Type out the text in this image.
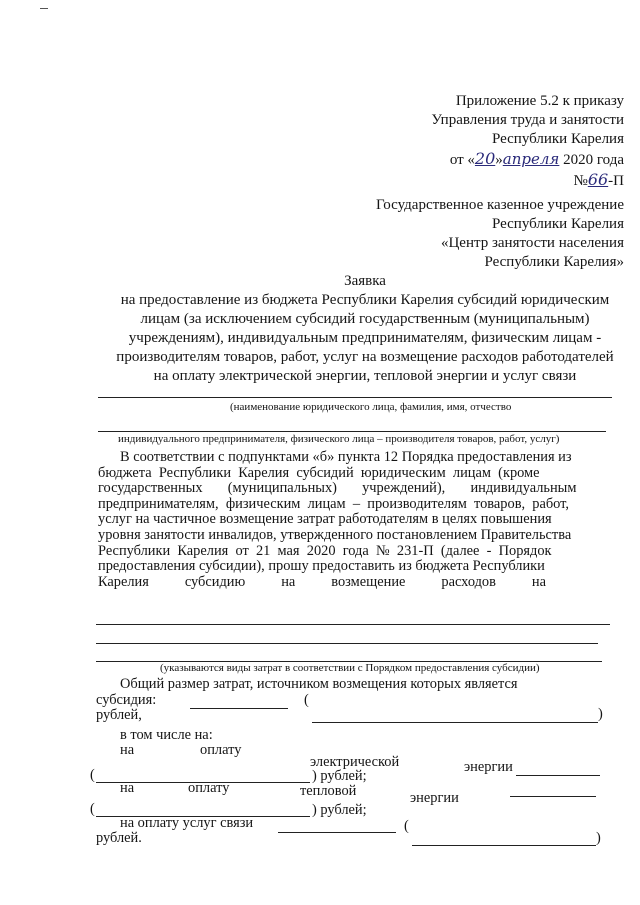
Приложение 5.2 к приказу
Управления труда и занятости
Республики Карелия
от «20»апреля 2020 года
№66-П
Государственное казенное учреждение
Республики Карелия
«Центр занятости населения
Республики Карелия»
Заявка
на предоставление из бюджета Республики Карелия субсидий юридическим
лицам (за исключением субсидий государственным (муниципальным)
учреждениям), индивидуальным предпринимателям, физическим лицам -
производителям товаров, работ, услуг на возмещение расходов работодателей
на оплату электрической энергии, тепловой энергии и услуг связи
(наименование юридического лица, фамилия, имя, отчество
индивидуального предпринимателя, физического лица – производителя товаров, работ, услуг)
В соответствии с подпунктами «б» пункта 12 Порядка предоставления из
бюджета  Республики  Карелия  субсидий  юридическим  лицам  (кроме
государственных       (муниципальных)       учреждений),       индивидуальным
предпринимателям,  физическим  лицам  –  производителям  товаров,  работ,
услуг на частичное возмещение затрат работодателям в целях повышения
уровня занятости инвалидов, утвержденного постановлением Правительства
Республики  Карелия  от  21  мая  2020  года  №  231-П  (далее  -  Порядок
предоставления субсидии), прошу предоставить из бюджета Республики
Карелия          субсидию          на          возмещение          расходов          на
(указываются виды затрат в соответствии с Порядком предоставления субсидии)
Общий размер затрат, источником возмещения которых является
субсидия:	(
)
рублей,
в том числе на:
на	оплату
электрической	энергии
(	) рублей;
на	оплату	тепловой	энергии
(	) рублей;
на оплату услуг связи	(
)
рублей.
